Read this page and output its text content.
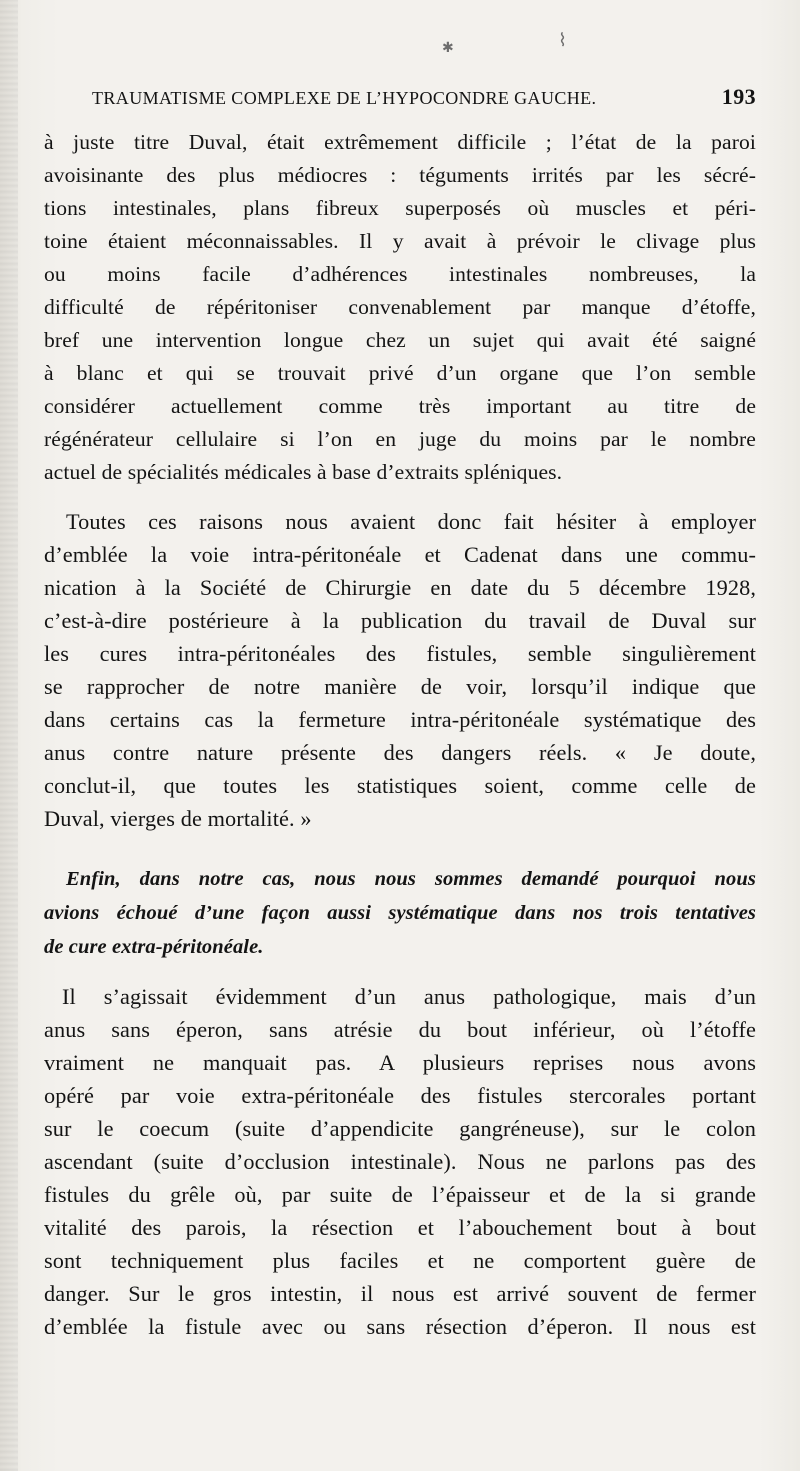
TRAUMATISME COMPLEXE DE L’HYPOCONDRE GAUCHE.	193
à juste titre Duval, était extrêmement difficile ; l’état de la paroi
avoisinante des plus médiocres : téguments irrités par les sécré-
tions intestinales, plans fibreux superposés où muscles et péri-
toine étaient méconnaissables. Il y avait à prévoir le clivage plus
ou moins facile d’adhérences intestinales nombreuses, la
difficulté de répéritoniser convenablement par manque d’étoffe,
bref une intervention longue chez un sujet qui avait été saigné
à blanc et qui se trouvait privé d’un organe que l’on semble
considérer actuellement comme très important au titre de
régénérateur cellulaire si l’on en juge du moins par le nombre
actuel de spécialités médicales à base d’extraits spléniques.
Toutes ces raisons nous avaient donc fait hésiter à employer
d’emblée la voie intra-péritonéale et Cadenat dans une commu-
nication à la Société de Chirurgie en date du 5 décembre 1928,
c’est-à-dire postérieure à la publication du travail de Duval sur
les cures intra-péritonéales des fistules, semble singulièrement
se rapprocher de notre manière de voir, lorsqu’il indique que
dans certains cas la fermeture intra-péritonéale systématique des
anus contre nature présente des dangers réels. « Je doute,
conclut-il, que toutes les statistiques soient, comme celle de
Duval, vierges de mortalité. »
Enfin, dans notre cas, nous nous sommes demandé pourquoi nous
avions échoué d’une façon aussi systématique dans nos trois tentatives
de cure extra-péritonéale.
Il s’agissait évidemment d’un anus pathologique, mais d’un
anus sans éperon, sans atrésie du bout inférieur, où l’étoffe
vraiment ne manquait pas. A plusieurs reprises nous avons
opéré par voie extra-péritonéale des fistules stercorales portant
sur le coecum (suite d’appendicite gangréneuse), sur le colon
ascendant (suite d’occlusion intestinale). Nous ne parlons pas des
fistules du grêle où, par suite de l’épaisseur et de la si grande
vitalité des parois, la résection et l’abouchement bout à bout
sont techniquement plus faciles et ne comportent guère de
danger. Sur le gros intestin, il nous est arrivé souvent de fermer
d’emblée la fistule avec ou sans résection d’éperon. Il nous est
✱	⌇
